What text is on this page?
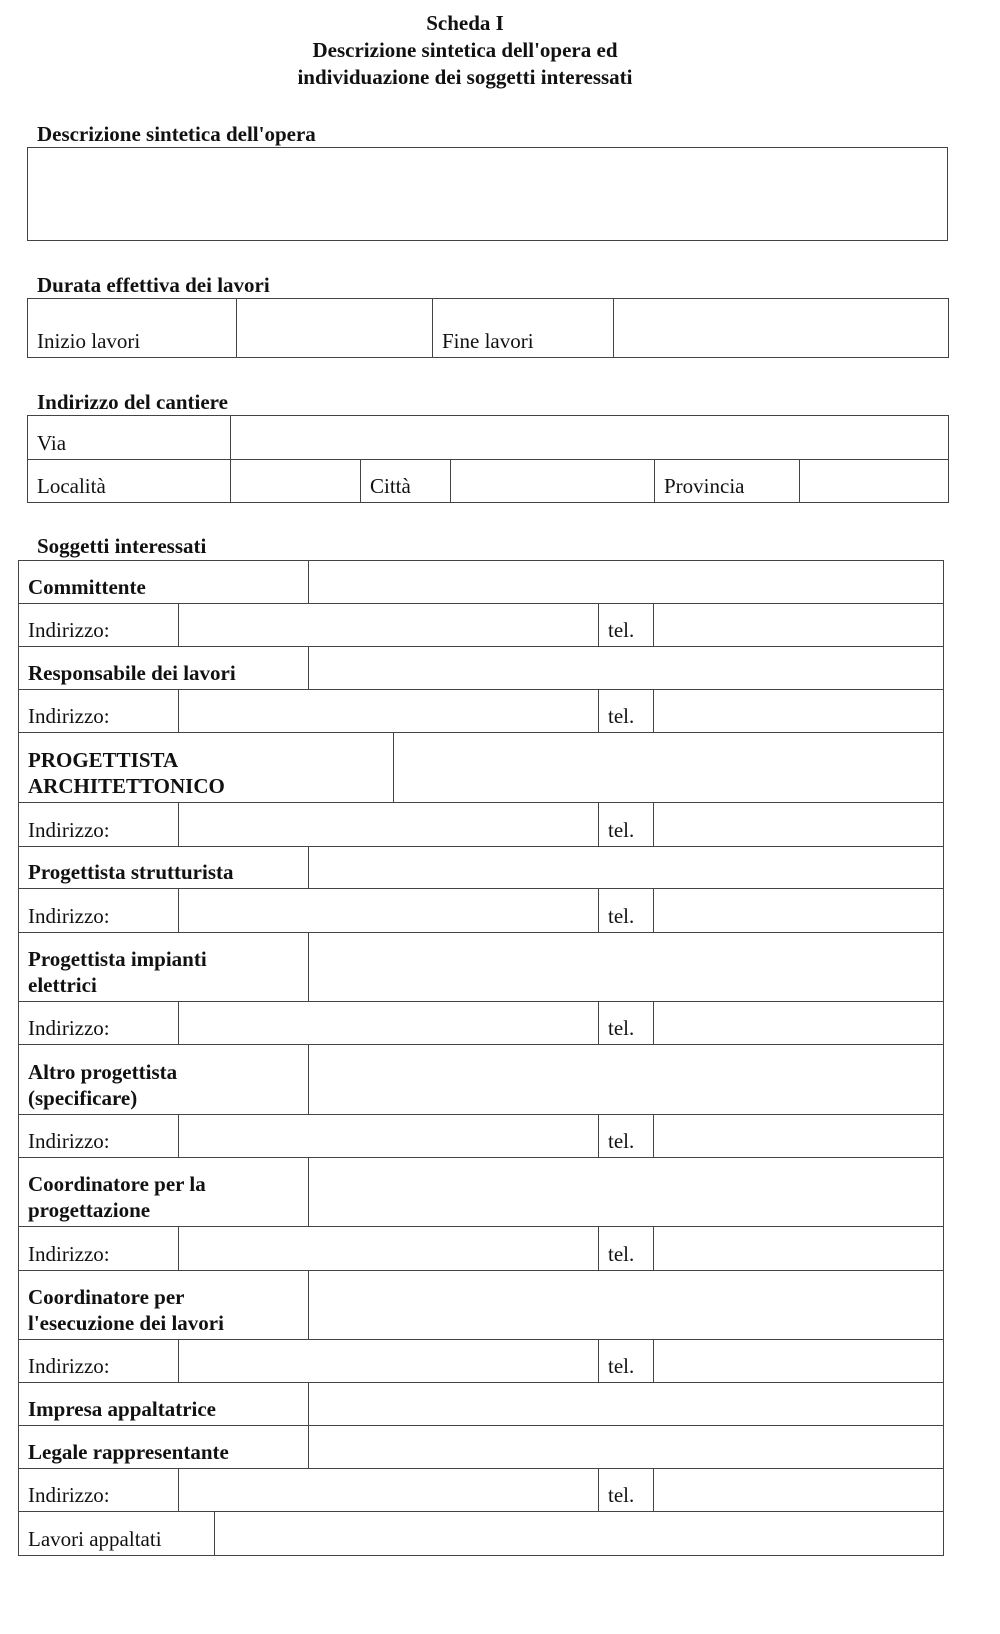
Scheda I
Descrizione sintetica dell'opera ed
individuazione dei soggetti interessati
Descrizione sintetica dell'opera
Durata effettiva dei lavori
Inizio lavori		Fine lavori	
Indirizzo del cantiere
Via					
Località		Città		Provincia	
Soggetti interessati
Committente					
Indirizzo:				tel.	
Responsabile dei lavori					
Indirizzo:				tel.	
PROGETTISTA
ARCHITETTONICO					
Indirizzo:				tel.	
Progettista strutturista					
Indirizzo:				tel.	
Progettista impianti
elettrici					
Indirizzo:				tel.	
Altro progettista
(specificare)					
Indirizzo:				tel.	
Coordinatore per la
progettazione					
Indirizzo:				tel.	
Coordinatore per
l'esecuzione dei lavori					
Indirizzo:				tel.	
Impresa appaltatrice					
Legale rappresentante					
Indirizzo:				tel.	

Lavori appaltati					
